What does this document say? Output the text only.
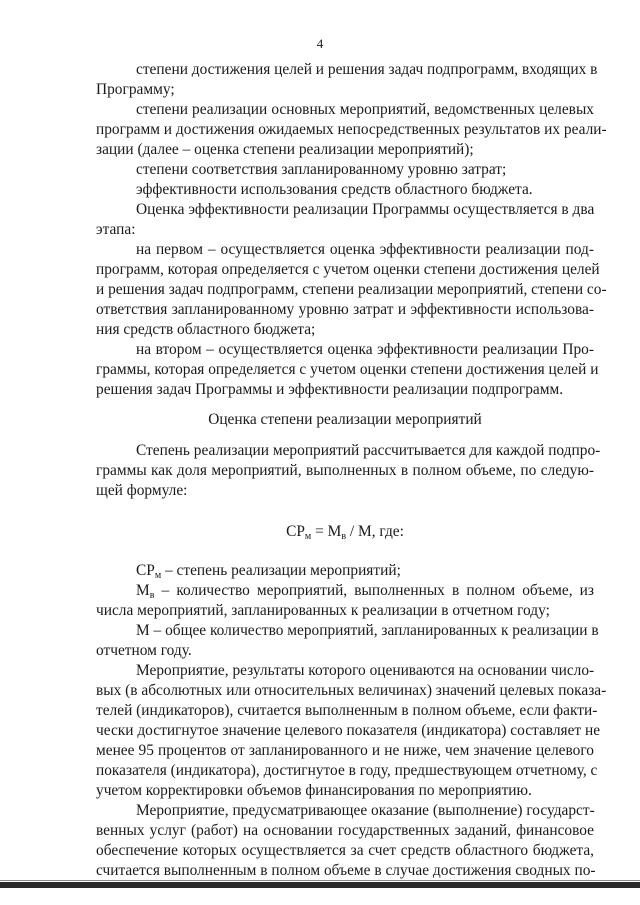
4
степени достижения целей и решения задач подпрограмм, входящих в
Программу;
степени реализации основных мероприятий, ведомственных целевых
программ и достижения ожидаемых непосредственных результатов их реали-
зации (далее – оценка степени реализации мероприятий);
степени соответствия запланированному уровню затрат;
эффективности использования средств областного бюджета.
Оценка эффективности реализации Программы осуществляется в два
этапа:
на первом – осуществляется оценка эффективности реализации под-
программ, которая определяется с учетом оценки степени достижения целей
и решения задач подпрограмм, степени реализации мероприятий, степени со-
ответствия запланированному уровню затрат и эффективности использова-
ния средств областного бюджета;
на втором – осуществляется оценка эффективности реализации Про-
граммы, которая определяется с учетом оценки степени достижения целей и
решения задач Программы и эффективности реализации подпрограмм.
Оценка степени реализации мероприятий
Степень реализации мероприятий рассчитывается для каждой подпро-
граммы как доля мероприятий, выполненных в полном объеме, по следую-
щей формуле:
$СР_м = М_в / М$, где:
$СР_м$ – степень реализации мероприятий;
$М_в$ – количество мероприятий, выполненных в полном объеме, из
числа мероприятий, запланированных к реализации в отчетном году;
М – общее количество мероприятий, запланированных к реализации в
отчетном году.
Мероприятие, результаты которого оцениваются на основании число-
вых (в абсолютных или относительных величинах) значений целевых показа-
телей (индикаторов), считается выполненным в полном объеме, если факти-
чески достигнутое значение целевого показателя (индикатора) составляет не
менее 95 процентов от запланированного и не ниже, чем значение целевого
показателя (индикатора), достигнутое в году, предшествующем отчетному, с
учетом корректировки объемов финансирования по мероприятию.
Мероприятие, предусматривающее оказание (выполнение) государст-
венных услуг (работ) на основании государственных заданий, финансовое
обеспечение которых осуществляется за счет средств областного бюджета,
считается выполненным в полном объеме в случае достижения сводных по-
